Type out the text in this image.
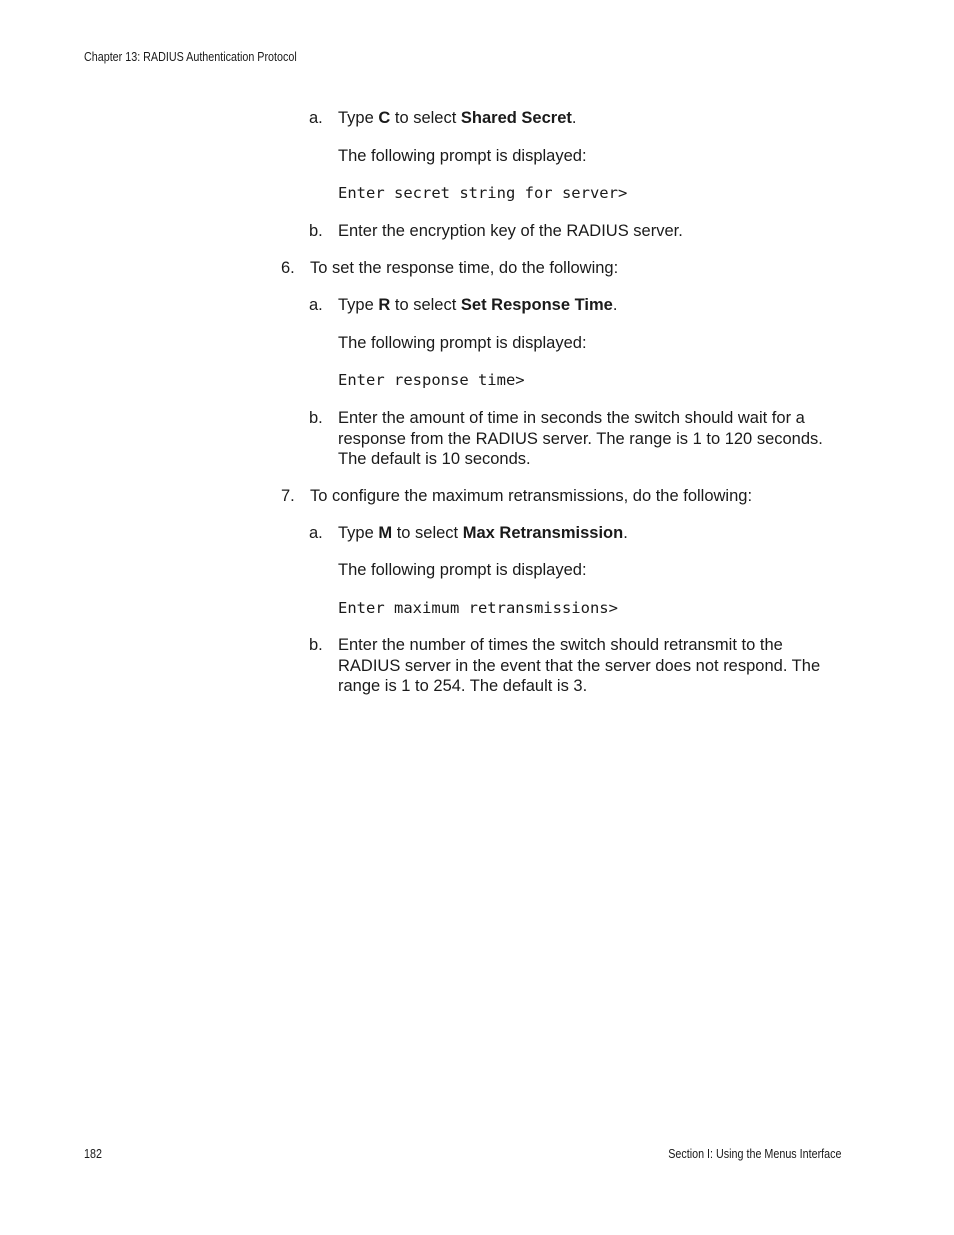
Chapter 13: RADIUS Authentication Protocol
a. Type C to select Shared Secret.
The following prompt is displayed:
Enter secret string for server>
b. Enter the encryption key of the RADIUS server.
6. To set the response time, do the following:
a. Type R to select Set Response Time.
The following prompt is displayed:
Enter response time>
b. Enter the amount of time in seconds the switch should wait for a response from the RADIUS server. The range is 1 to 120 seconds. The default is 10 seconds.
7. To configure the maximum retransmissions, do the following:
a. Type M to select Max Retransmission.
The following prompt is displayed:
Enter maximum retransmissions>
b. Enter the number of times the switch should retransmit to the RADIUS server in the event that the server does not respond. The range is 1 to 254. The default is 3.
182	Section I: Using the Menus Interface
